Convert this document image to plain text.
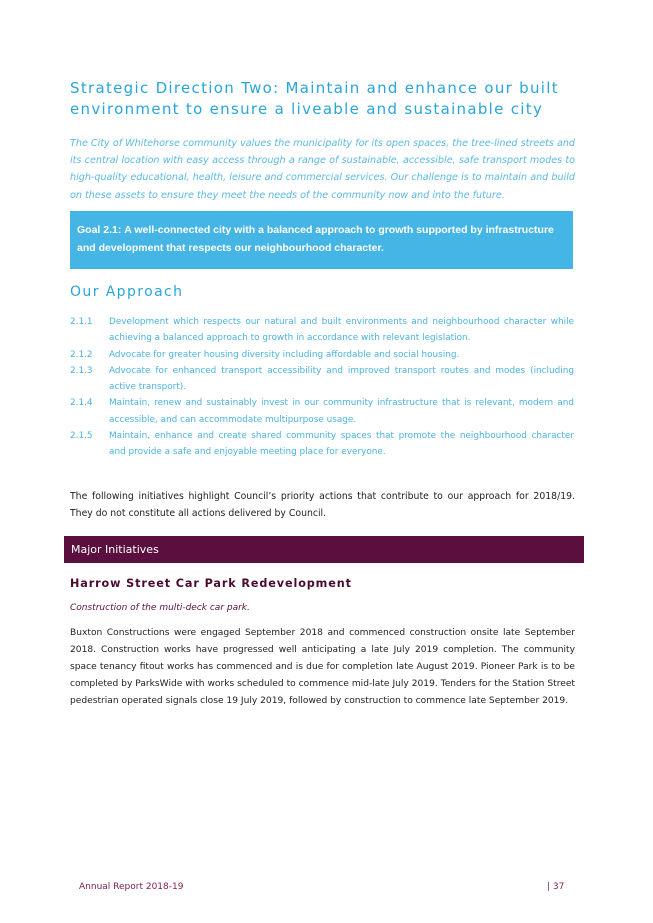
Strategic Direction Two: Maintain and enhance our built environment to ensure a liveable and sustainable city

The City of Whitehorse community values the municipality for its open spaces, the tree-lined streets and its central location with easy access through a range of sustainable, accessible, safe transport modes to high-quality educational, health, leisure and commercial services. Our challenge is to maintain and build on these assets to ensure they meet the needs of the community now and into the future.

Goal 2.1: A well-connected city with a balanced approach to growth supported by infrastructure and development that respects our neighbourhood character.
Our Approach
2.1.1	Development which respects our natural and built environments and neighbourhood character while achieving a balanced approach to growth in accordance with relevant legislation.
2.1.2	Advocate for greater housing diversity including affordable and social housing.
2.1.3	Advocate for enhanced transport accessibility and improved transport routes and modes (including active transport).
2.1.4	Maintain, renew and sustainably invest in our community infrastructure that is relevant, modern and accessible, and can accommodate multipurpose usage.
2.1.5	Maintain, enhance and create shared community spaces that promote the neighbourhood character and provide a safe and enjoyable meeting place for everyone.

The following initiatives highlight Council’s priority actions that contribute to our approach for 2018/19. They do not constitute all actions delivered by Council.

Major Initiatives
Harrow Street Car Park Redevelopment

Construction of the multi-deck car park.

Buxton Constructions were engaged September 2018 and commenced construction onsite late September 2018. Construction works have progressed well anticipating a late July 2019 completion. The community space tenancy fitout works has commenced and is due for completion late August 2019. Pioneer Park is to be completed by ParksWide with works scheduled to commence mid-late July 2019. Tenders for the Station Street pedestrian operated signals close 19 July 2019, followed by construction to commence late September 2019.

Annual Report 2018-19	| 37
